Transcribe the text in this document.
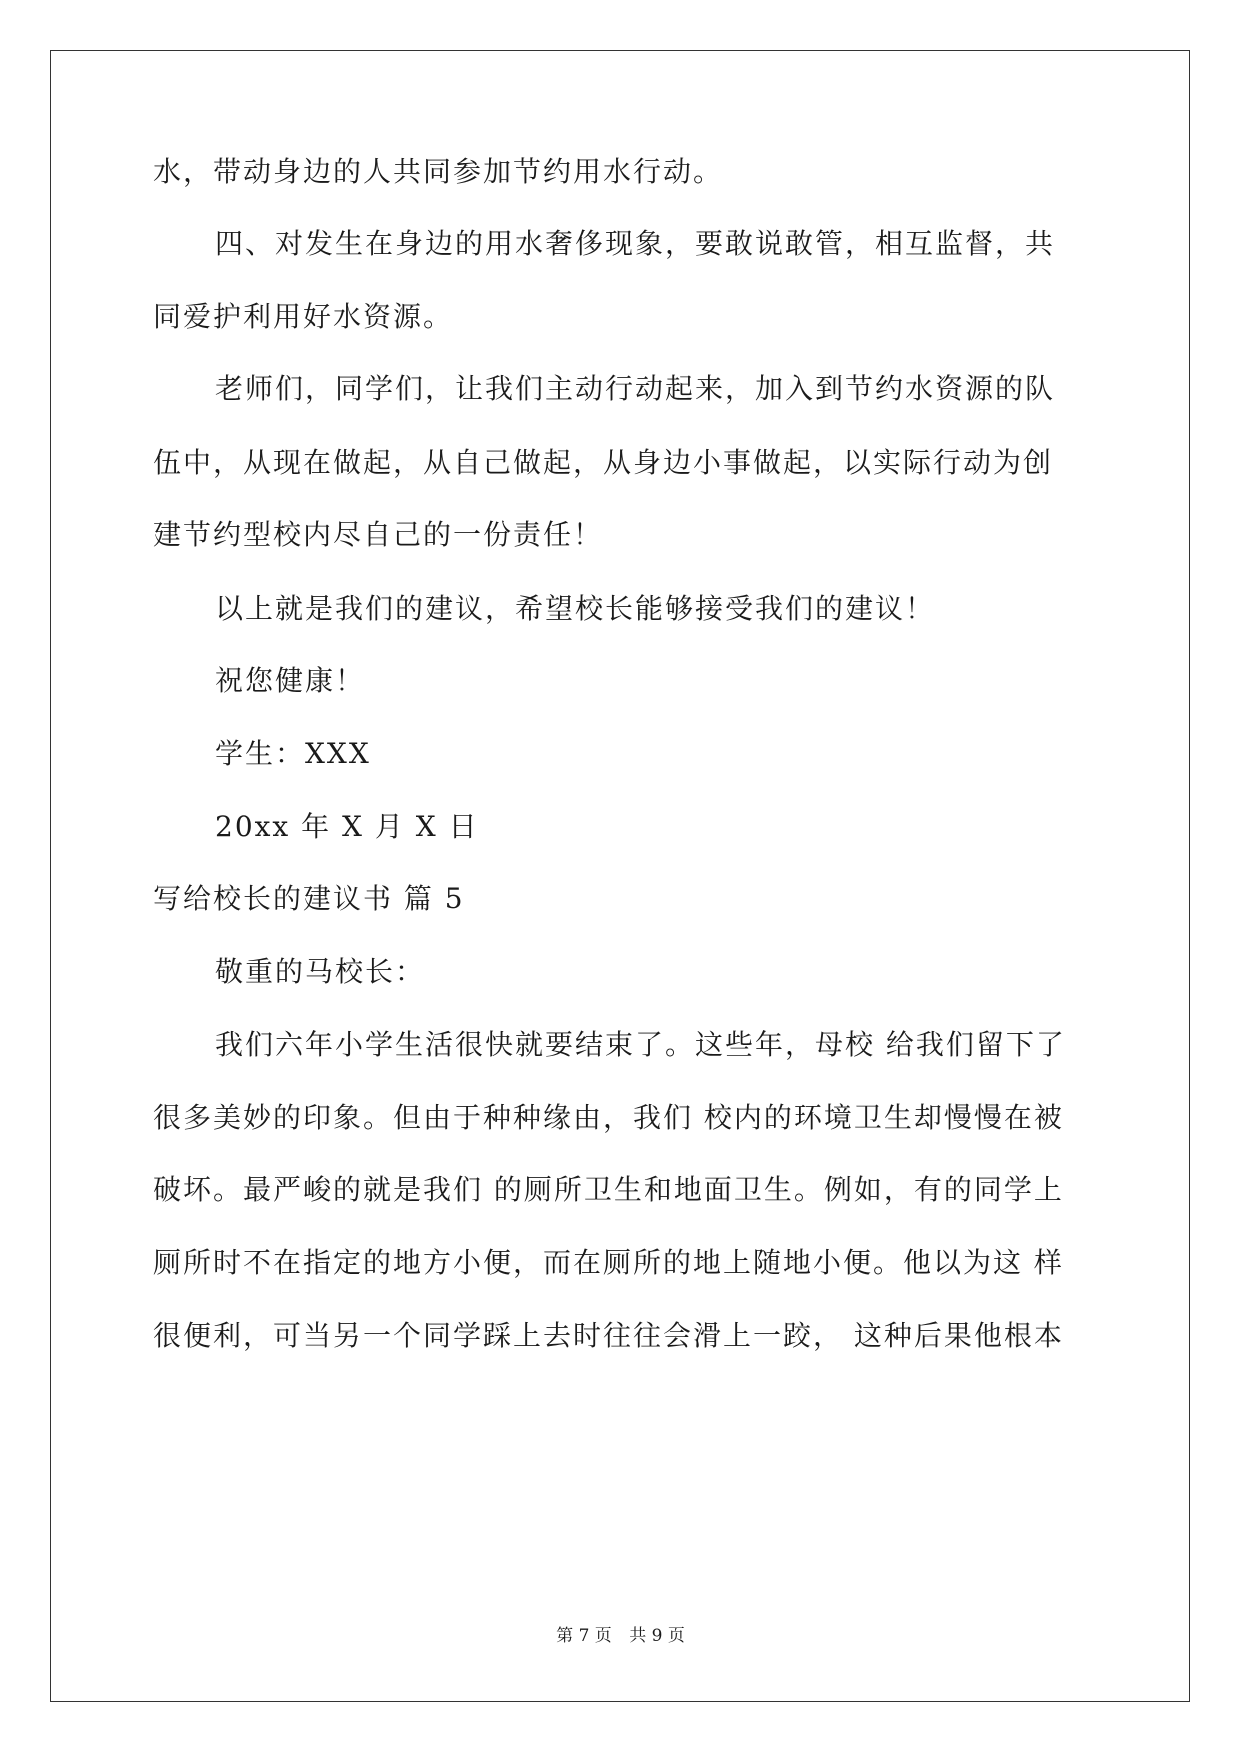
水，带动身边的人共同参加节约用水行动。
四、对发生在身边的用水奢侈现象，要敢说敢管，相互监督，共
同爱护利用好水资源。
老师们，同学们，让我们主动行动起来，加入到节约水资源的队
伍中，从现在做起，从自己做起，从身边小事做起，以实际行动为创
建节约型校内尽自己的一份责任！
以上就是我们的建议，希望校长能够接受我们的建议！
祝您健康！
学生：XXX
20xx 年 X 月 X 日
写给校长的建议书 篇 5
敬重的马校长：
我们六年小学生活很快就要结束了。这些年，母校 给我们留下了
很多美妙的印象。但由于种种缘由，我们 校内的环境卫生却慢慢在被
破坏。最严峻的就是我们 的厕所卫生和地面卫生。例如，有的同学上
厕所时不在指定的地方小便，而在厕所的地上随地小便。他以为这 样
很便利，可当另一个同学踩上去时往往会滑上一跤， 这种后果他根本
第 7 页 共 9 页
